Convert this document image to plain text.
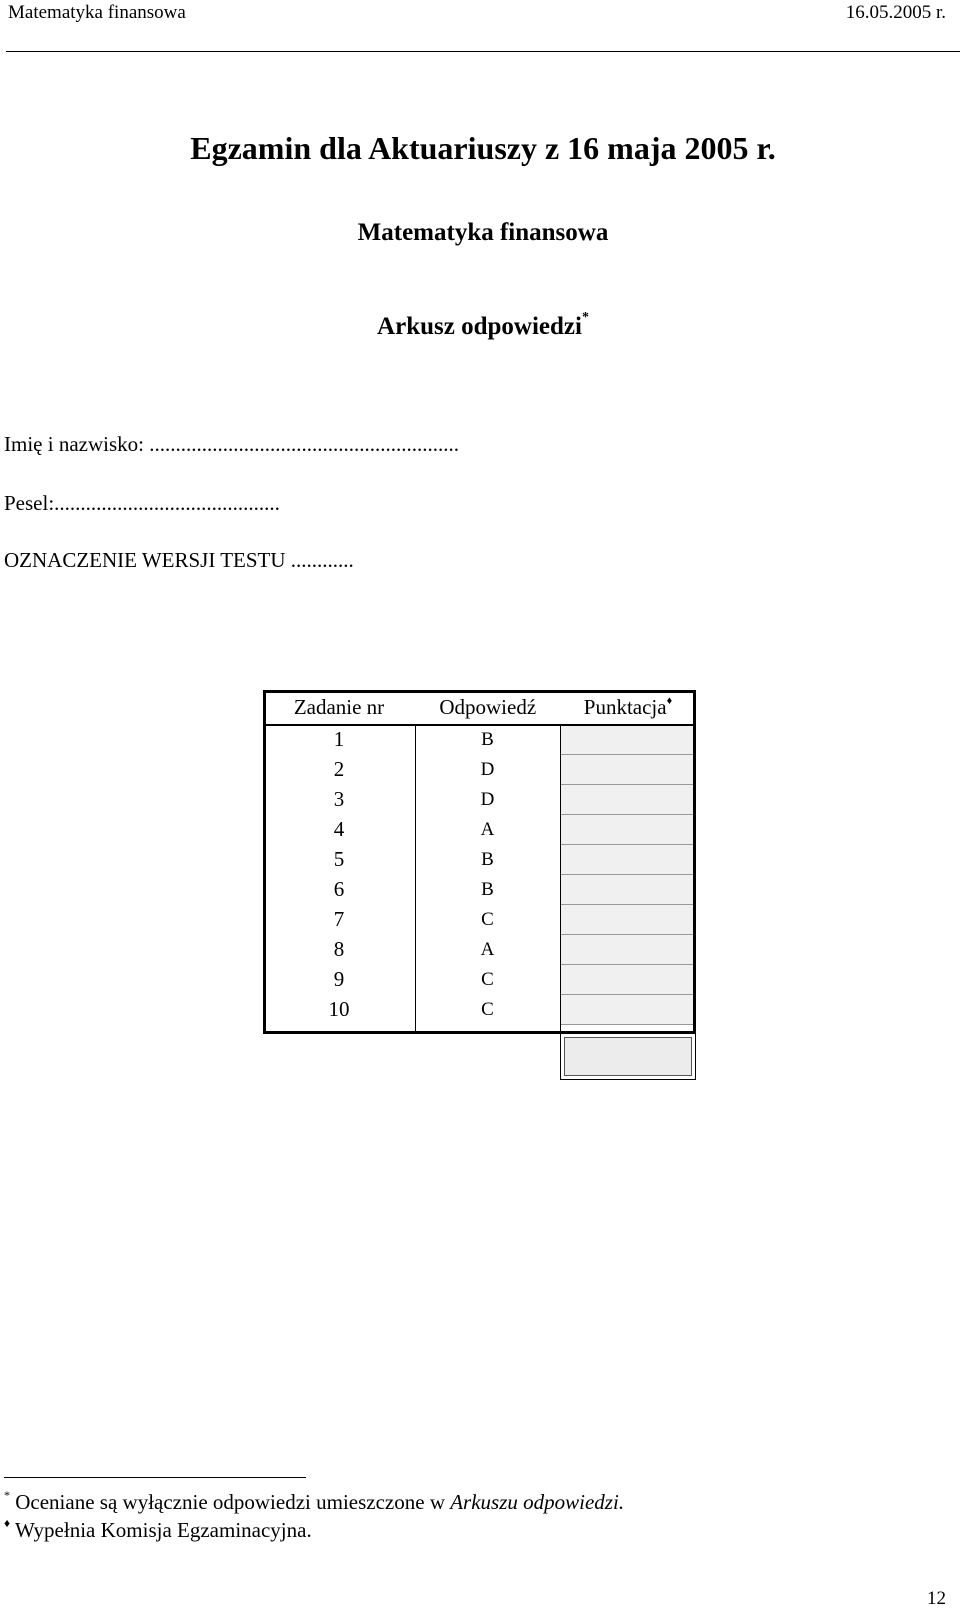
Matematyka finansowa	16.05.2005 r.
Egzamin dla Aktuariuszy z 16 maja 2005 r.
Matematyka finansowa
Arkusz odpowiedzi*
Imię i nazwisko: ...........................................................
Pesel:...........................................
OZNACZENIE WERSJI TESTU ............
Zadanie nr	Odpowiedź	Punktacja♦
1	B	
2	D	
3	D	
4	A	
5	B	
6	B	
7	C	
8	A	
9	C	
10	C	
* Oceniane są wyłącznie odpowiedzi umieszczone w Arkuszu odpowiedzi.
♦ Wypełnia Komisja Egzaminacyjna.
12
